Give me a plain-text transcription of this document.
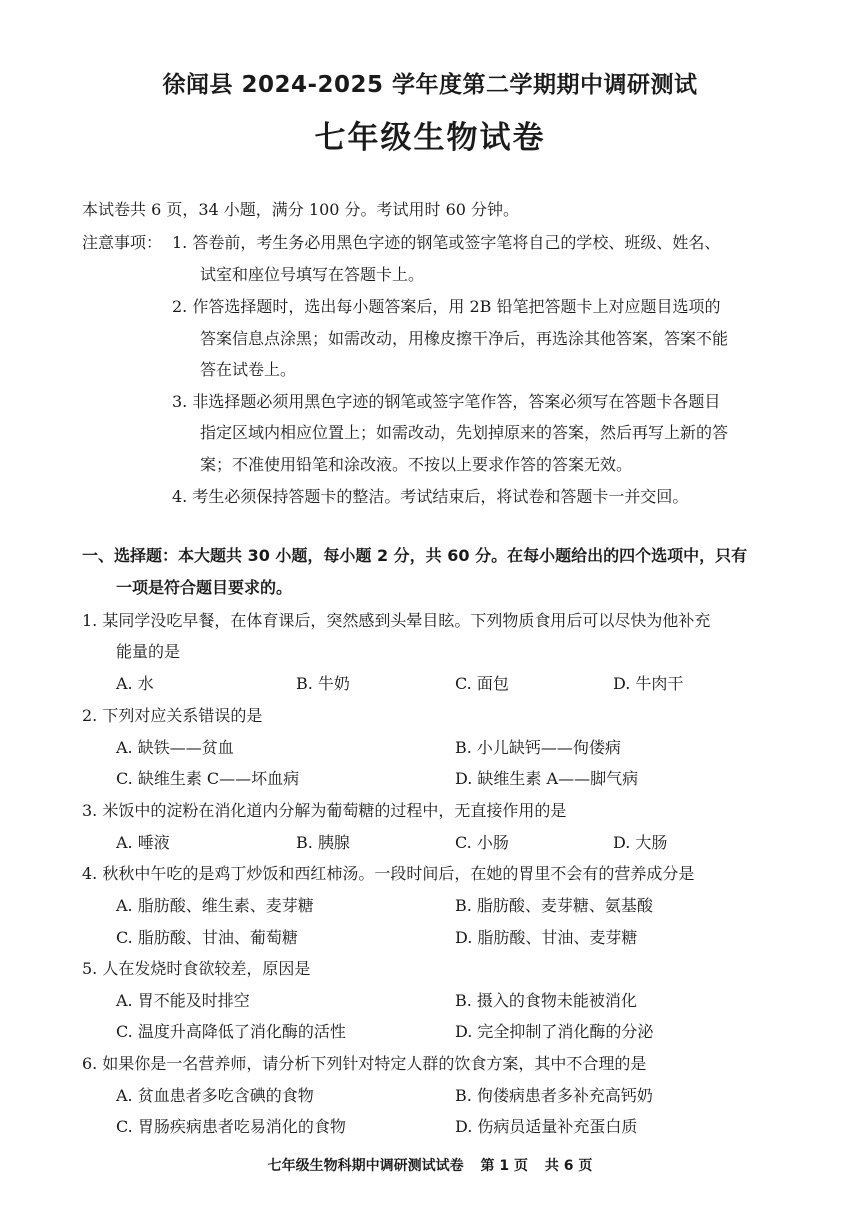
徐闻县 2024-2025 学年度第二学期期中调研测试
七年级生物试卷
本试卷共 6 页，34 小题，满分 100 分。考试用时 60 分钟。
注意事项： 1. 答卷前，考生务必用黑色字迹的钢笔或签字笔将自己的学校、班级、姓名、
试室和座位号填写在答题卡上。
2. 作答选择题时，选出每小题答案后，用 2B 铅笔把答题卡上对应题目选项的
答案信息点涂黑；如需改动，用橡皮擦干净后，再选涂其他答案，答案不能
答在试卷上。
3. 非选择题必须用黑色字迹的钢笔或签字笔作答，答案必须写在答题卡各题目
指定区域内相应位置上；如需改动，先划掉原来的答案，然后再写上新的答
案；不准使用铅笔和涂改液。不按以上要求作答的答案无效。
4. 考生必须保持答题卡的整洁。考试结束后，将试卷和答题卡一并交回。
一、选择题：本大题共 30 小题，每小题 2 分，共 60 分。在每小题给出的四个选项中，只有
一项是符合题目要求的。
1. 某同学没吃早餐，在体育课后，突然感到头晕目眩。下列物质食用后可以尽快为他补充
能量的是
A. 水	B. 牛奶	C. 面包	D. 牛肉干
2. 下列对应关系错误的是
A. 缺铁——贫血	B. 小儿缺钙——佝偻病
C. 缺维生素 C——坏血病	D. 缺维生素 A——脚气病
3. 米饭中的淀粉在消化道内分解为葡萄糖的过程中，无直接作用的是
A. 唾液	B. 胰腺	C. 小肠	D. 大肠
4. 秋秋中午吃的是鸡丁炒饭和西红柿汤。一段时间后，在她的胃里不会有的营养成分是
A. 脂肪酸、维生素、麦芽糖	B. 脂肪酸、麦芽糖、氨基酸
C. 脂肪酸、甘油、葡萄糖	D. 脂肪酸、甘油、麦芽糖
5. 人在发烧时食欲较差，原因是
A. 胃不能及时排空	B. 摄入的食物未能被消化
C. 温度升高降低了消化酶的活性	D. 完全抑制了消化酶的分泌
6. 如果你是一名营养师，请分析下列针对特定人群的饮食方案，其中不合理的是
A. 贫血患者多吃含碘的食物	B. 佝偻病患者多补充高钙奶
C. 胃肠疾病患者吃易消化的食物	D. 伤病员适量补充蛋白质
七年级生物科期中调研测试试卷 第 1 页 共 6 页
